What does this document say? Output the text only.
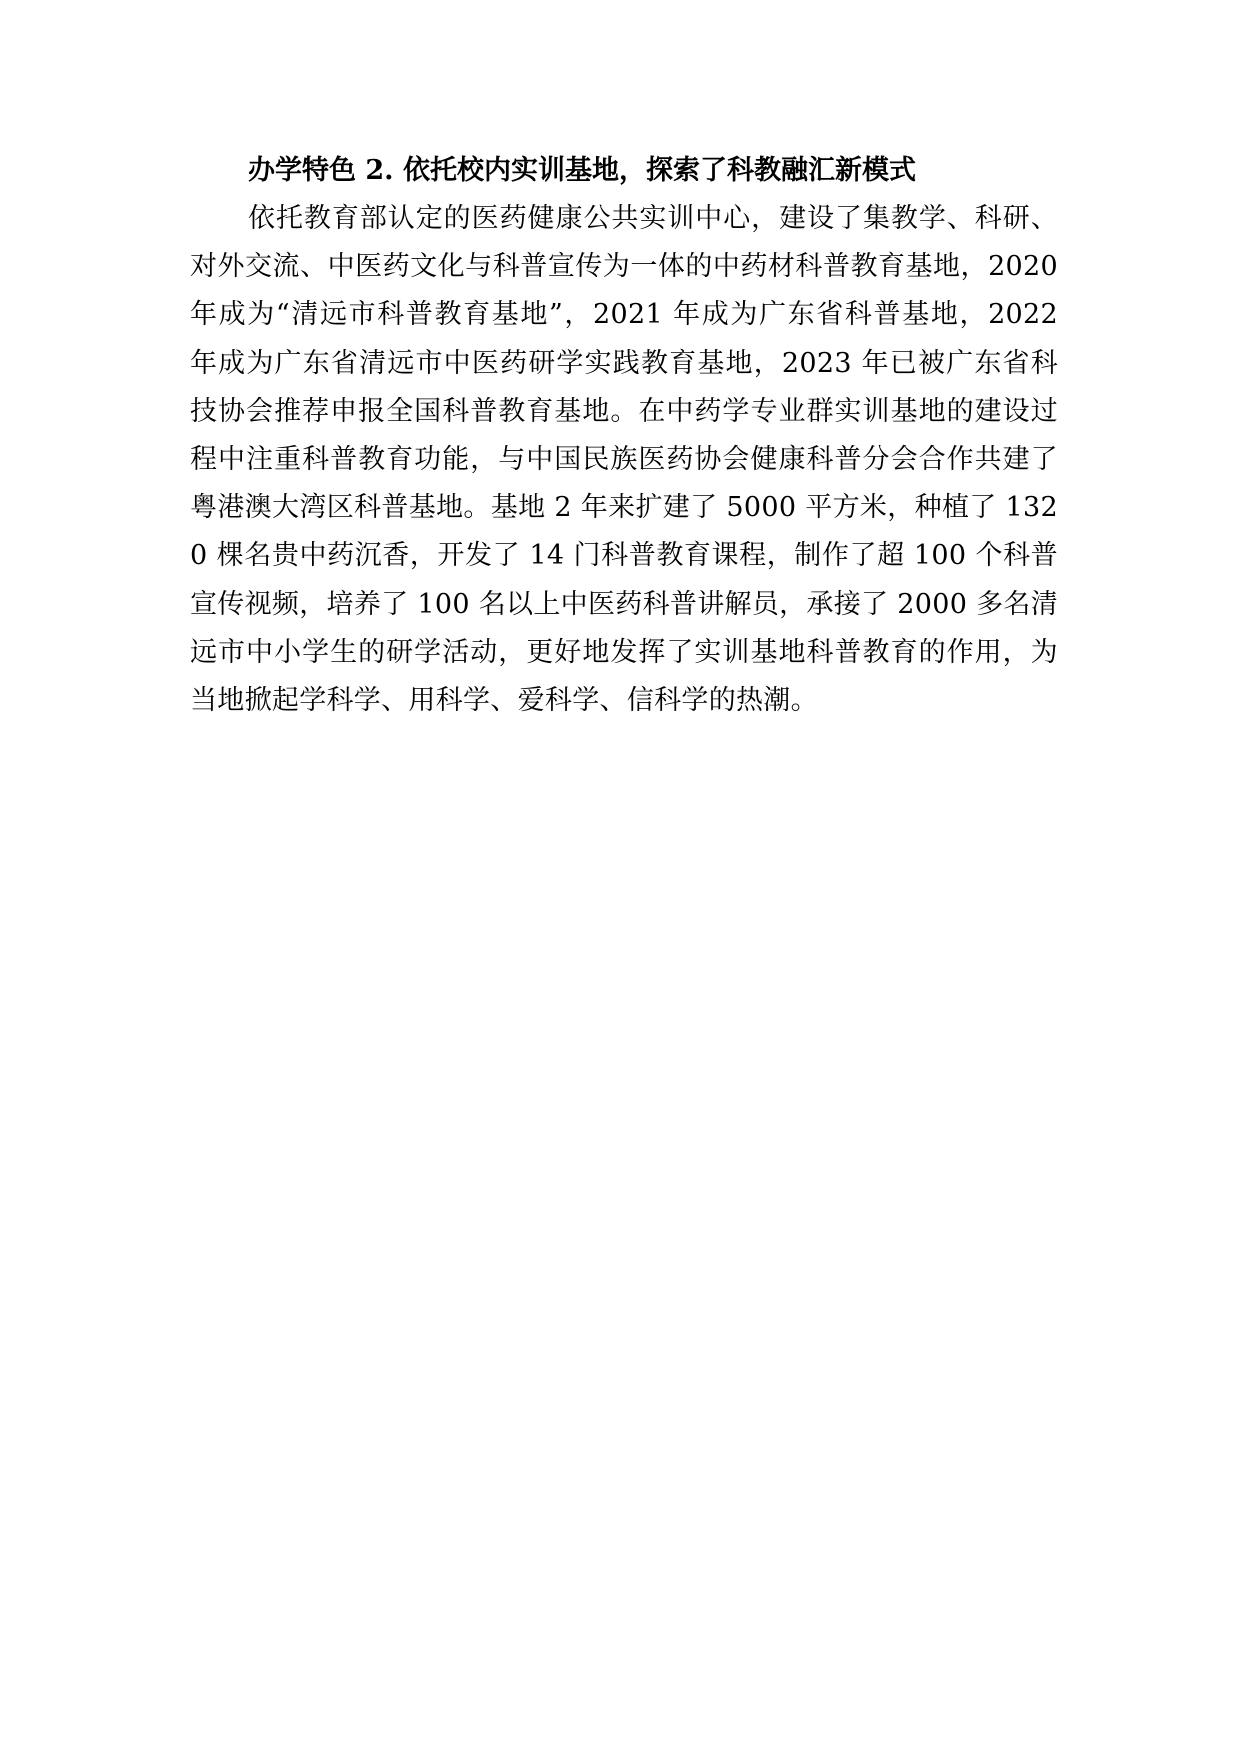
办学特色 2. 依托校内实训基地，探索了科教融汇新模式

依托教育部认定的医药健康公共实训中心，建设了集教学、科研、对外交流、中医药文化与科普宣传为一体的中药材科普教育基地，2020 年成为“清远市科普教育基地”，2021 年成为广东省科普基地，2022 年成为广东省清远市中医药研学实践教育基地，2023 年已被广东省科技协会推荐申报全国科普教育基地。在中药学专业群实训基地的建设过程中注重科普教育功能，与中国民族医药协会健康科普分会合作共建了粤港澳大湾区科普基地。基地 2 年来扩建了 5000 平方米，种植了 1320 棵名贵中药沉香，开发了 14 门科普教育课程，制作了超 100 个科普宣传视频，培养了 100 名以上中医药科普讲解员，承接了 2000 多名清远市中小学生的研学活动，更好地发挥了实训基地科普教育的作用，为当地掀起学科学、用科学、爱科学、信科学的热潮。
